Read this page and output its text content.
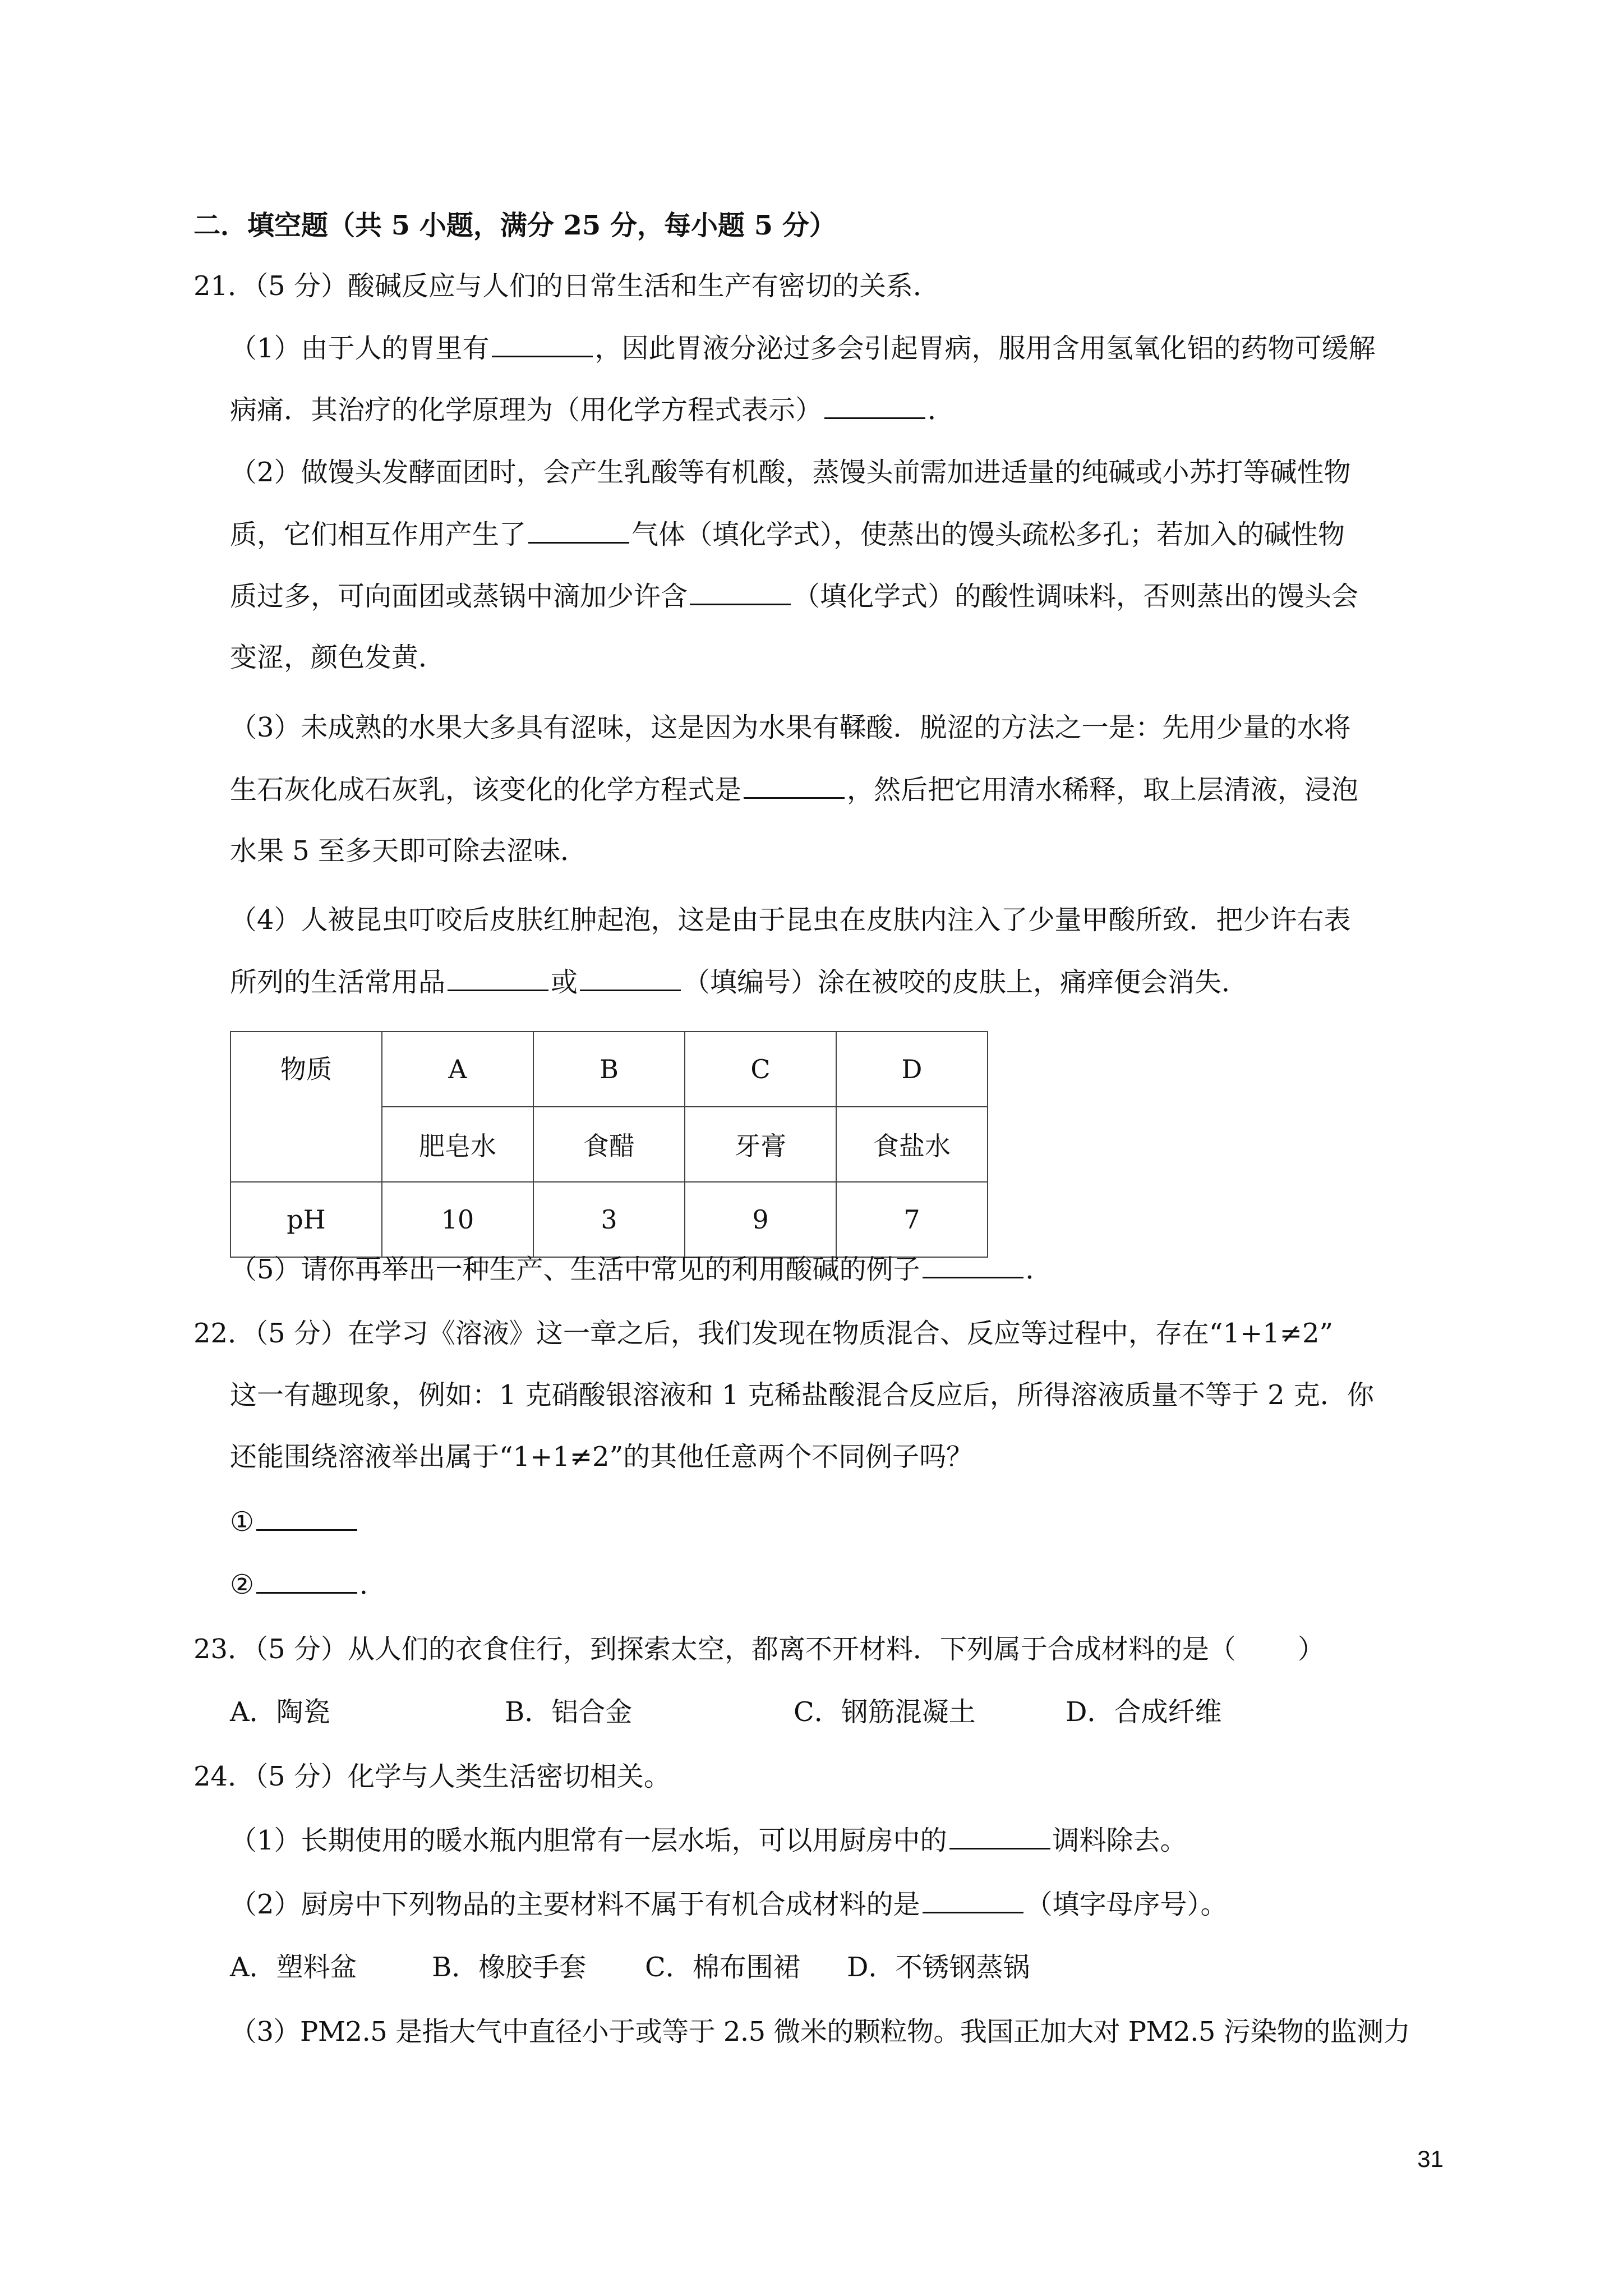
二．填空题（共 5 小题，满分 25 分，每小题 5 分）
21．（5 分）酸碱反应与人们的日常生活和生产有密切的关系．
（1）由于人的胃里有	，因此胃液分泌过多会引起胃病，服用含用氢氧化铝的药物可缓解
病痛．其治疗的化学原理为（用化学方程式表示）	．
（2）做馒头发酵面团时，会产生乳酸等有机酸，蒸馒头前需加进适量的纯碱或小苏打等碱性物
质，它们相互作用产生了	气体（填化学式），使蒸出的馒头疏松多孔；若加入的碱性物
质过多，可向面团或蒸锅中滴加少许含	（填化学式）的酸性调味料，否则蒸出的馒头会
变涩，颜色发黄．
（3）未成熟的水果大多具有涩味，这是因为水果有鞣酸．脱涩的方法之一是：先用少量的水将
生石灰化成石灰乳，该变化的化学方程式是	，然后把它用清水稀释，取上层清液，浸泡
水果 5 至多天即可除去涩味．
（4）人被昆虫叮咬后皮肤红肿起泡，这是由于昆虫在皮肤内注入了少量甲酸所致．把少许右表
所列的生活常用品	或	（填编号）涂在被咬的皮肤上，痛痒便会消失．
物质	A	B	C	D
	肥皂水	食醋	牙膏	食盐水
pH	10	3	9	7
（5）请你再举出一种生产、生活中常见的利用酸碱的例子	．
22．（5 分）在学习《溶液》这一章之后，我们发现在物质混合、反应等过程中，存在“1+1≠2”
这一有趣现象，例如：1 克硝酸银溶液和 1 克稀盐酸混合反应后，所得溶液质量不等于 2 克．你
还能围绕溶液举出属于“1+1≠2”的其他任意两个不同例子吗？
①
②	．
23．（5 分）从人们的衣食住行，到探索太空，都离不开材料．下列属于合成材料的是（ ）
A．陶瓷	B．铝合金	C．钢筋混凝土	D．合成纤维
24．（5 分）化学与人类生活密切相关。
（1）长期使用的暖水瓶内胆常有一层水垢，可以用厨房中的	调料除去。
（2）厨房中下列物品的主要材料不属于有机合成材料的是	（填字母序号）。
A．塑料盆	B．橡胶手套 C．棉布围裙 D．不锈钢蒸锅
（3）PM2.5 是指大气中直径小于或等于 2.5 微米的颗粒物。我国正加大对 PM2.5 污染物的监测力
31
